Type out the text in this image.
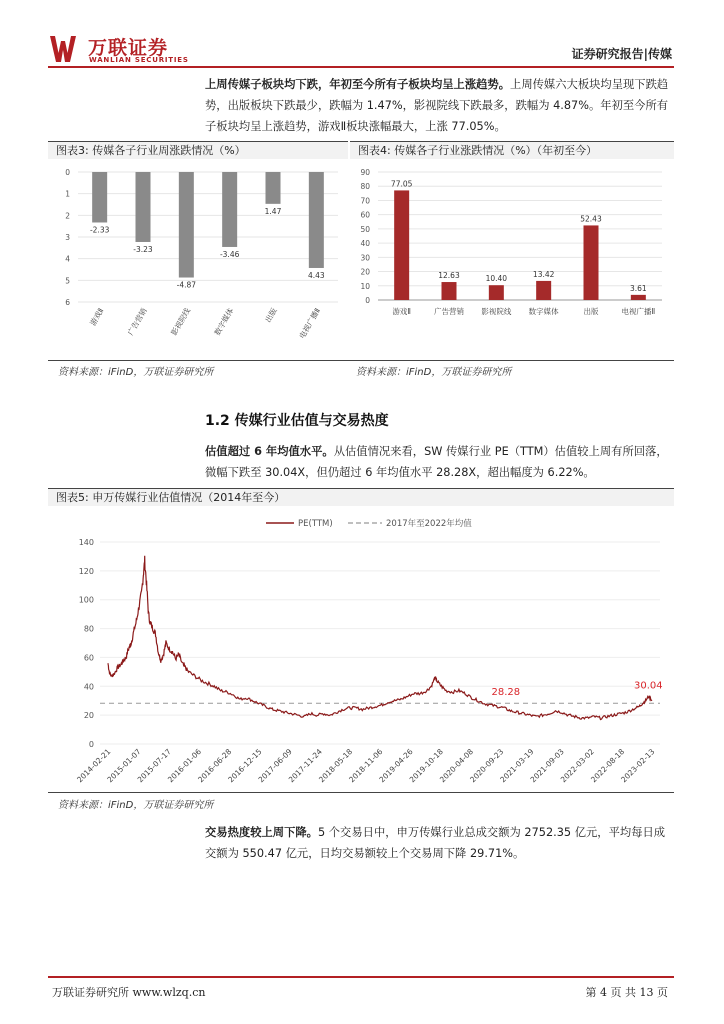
万联证券
WANLIAN SECURITIES	证券研究报告|传媒
上周传媒子板块均下跌，年初至今所有子板块均呈上涨趋势。上周传媒六大板块均呈现下跌趋势，出版板块下跌最少，跌幅为 1.47%，影视院线下跌最多，跌幅为 4.87%。年初至今所有子板块均呈上涨趋势，游戏Ⅱ板块涨幅最大，上涨 77.05%。
图表3: 传媒各子行业周涨跌情况（%）	图表4: 传媒各子行业涨跌情况（%）（年初至今）
0
1
2
3
4
5
6
-2.33
游戏Ⅱ
-3.23
广告营销
-4.87
影视院线
-3.46
数字媒体
1.47
出版
4.43
电视广播Ⅱ
0
10
20
30
40
50
60
70
80
90
77.05
游戏Ⅱ
12.63
广告营销
10.40
影视院线
13.42
数字媒体
52.43
出版
3.61
电视广播Ⅱ
资料来源：iFinD，万联证券研究所	资料来源：iFinD，万联证券研究所
1.2 传媒行业估值与交易热度
估值超过 6 年均值水平。从估值情况来看，SW 传媒行业 PE（TTM）估值较上周有所回落，微幅下跌至 30.04X，但仍超过 6 年均值水平 28.28X，超出幅度为 6.22%。
图表5: 申万传媒行业估值情况（2014年至今）
PE(TTM)	2017年至2022年均值
0
20
40
60
80
100
120
140
2014-02-21
2015-01-07
2015-07-17
2016-01-06
2016-06-28
2016-12-15
2017-06-09
2017-11-24
2018-05-18
2018-11-06
2019-04-26
2019-10-18
2020-04-08
2020-09-23
2021-03-19
2021-09-03
2022-03-02
2022-08-18
2023-02-13
28.28
30.04
资料来源：iFinD，万联证券研究所
交易热度较上周下降。5 个交易日中，申万传媒行业总成交额为 2752.35 亿元，平均每日成交额为 550.47 亿元，日均交易额较上个交易周下降 29.71%。
万联证券研究所 www.wlzq.cn	第 4 页 共 13 页
